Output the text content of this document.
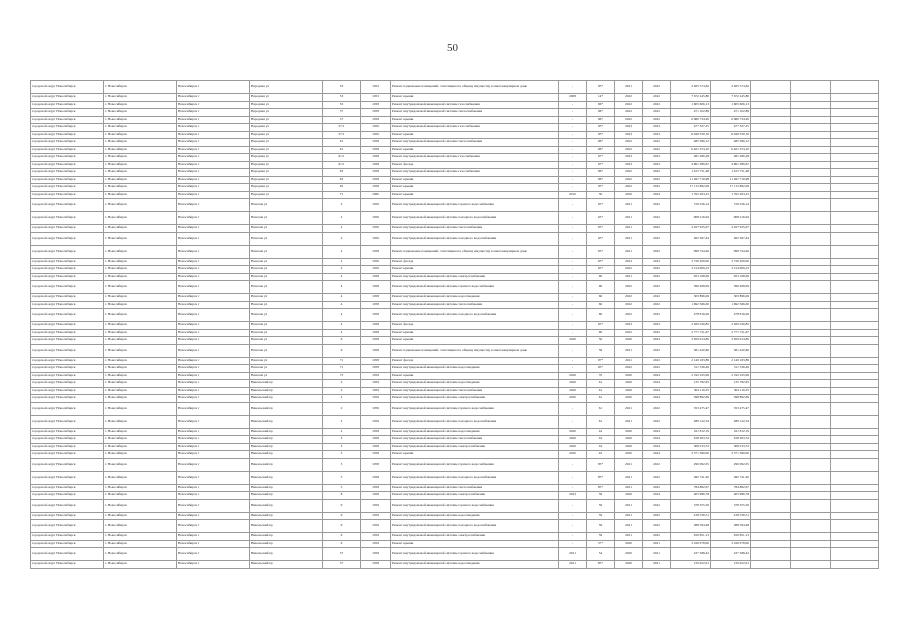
50
городской округ Новосибирск	г. Новосибирск	Новосибирск г	Народная ул	33	1952	Ремонт подвальных помещений, относящихся к общему имуществу в многоквартирном доме	-	95*	2021	2022	2 465 574,62	2 465 574,62			
городской округ Новосибирск	г. Новосибирск	Новосибирск г	Народная ул	53	1953	Ремонт крыши	2008	14*	2022	2022	7 672 245,80	7 672 245,80			
городской округ Новосибирск	г. Новосибирск	Новосибирск г	Народная ул	55	1958	Ремонт внутридомовой инженерной системы газоснабжения	-	96*	2022	2022	1 605 606,13	1 605 606,13			
городской округ Новосибирск	г. Новосибирск	Новосибирск г	Народная ул	57	1958	Ремонт внутридомовой инженерной системы теплоснабжения	-	96*	2022	2022	471 102,89	471 102,89			
городской округ Новосибирск	г. Новосибирск	Новосибирск г	Народная ул	57	1958	Ремонт крыши	-	96*	2022	2022	6 680 734,20	6 680 734,20			
городской округ Новосибирск	г. Новосибирск	Новосибирск г	Народная ул	57/1	1956	Ремонт внутридомовой инженерной системы газоснабжения	-	95*	2023	2023	477 327,25	477 327,25			
городской округ Новосибирск	г. Новосибирск	Новосибирск г	Народная ул	57/1	1956	Ремонт крыши	-	95*	2023	2023	6 649 550,16	6 649 550,16			
городской округ Новосибирск	г. Новосибирск	Новосибирск г	Народная ул	61	1958	Ремонт внутридомовой инженерной системы теплоснабжения	-	96*	2022	2022	485 366,12	485 366,12			
городской округ Новосибирск	г. Новосибирск	Новосибирск г	Народная ул	61	1958	Ремонт крыши	-	96*	2022	2022	6 621 374,10	6 621 374,10			
городской округ Новосибирск	г. Новосибирск	Новосибирск г	Народная ул	61/1	1958	Ремонт внутридомовой инженерной системы газоснабжения	-	97*	2023	2023	481 280,28	481 280,28			
городской округ Новосибирск	г. Новосибирск	Новосибирск г	Народная ул	61/1	1958	Ремонт фасада	-	97*	2023	2023	4 861 389,67	4 861 389,67			
городской округ Новосибирск	г. Новосибирск	Новосибирск г	Народная ул	63	1958	Ремонт внутридомовой инженерной системы газоснабжения	-	96*	2022	2022	1 615 751,48	1 615 751,48			
городской округ Новосибирск	г. Новосибирск	Новосибирск г	Народная ул	63	1958	Ремонт крыши	-	96*	2022	2022	11 497 710,98	11 497 710,98			
городской округ Новосибирск	г. Новосибирск	Новосибирск г	Народная ул	65	1958	Ремонт крыши	-	95*	2022	2022	17 115 862,99	17 115 862,99			
городской округ Новосибирск	г. Новосибирск	Новосибирск г	Народная ул	71	1960	Ремонт крыши	2010	50	2020	2024	1 762 263,23	1 762 263,23			
городской округ Новосибирск	г. Новосибирск	Новосибирск г	Нансена ул	2	1956	Ремонт внутридомовой инженерной системы горячего водоснабжения	-	65*	2021	2022	729 526,14	729 526,14			
городской округ Новосибирск	г. Новосибирск	Новосибирск г	Нансена ул	2	1956	Ремонт внутридомовой инженерной системы холодного водоснабжения	-	65*	2021	2022	908 216,94	908 216,94			
городской округ Новосибирск	г. Новосибирск	Новосибирск г	Нансена ул	2	1956	Ремонт внутридомовой инженерной системы теплоснабжения	-	65*	2021	2022	2 457 935,07	2 457 935,07			
городской округ Новосибирск	г. Новосибирск	Новосибирск г	Нансена ул	2	1956	Ремонт внутридомовой инженерной системы холодного водоснабжения	-	65*	2021	2022	262 367,44	262 367,44			
городской округ Новосибирск	г. Новосибирск	Новосибирск г	Нансена ул	2	1958	Ремонт подвальных помещений, относящихся к общему имуществу в многоквартирном доме	-	65*	2021	2022	999 744,46	999 744,46			
городской округ Новосибирск	г. Новосибирск	Новосибирск г	Нансена ул	2	1956	Ремонт фасада	-	65*	2023	2023	2 726 209,00	2 726 209,00			
городской округ Новосибирск	г. Новосибирск	Новосибирск г	Нансена ул	2	1956	Ремонт крыши	-	65*	2022	2022	3 214 909,23	3 214 909,23			
городской округ Новосибирск	г. Новосибирск	Новосибирск г	Нансена ул	4	1958	Ремонт внутридомовой инженерной системы электроснабжения	-	60	2021	2022	953 168,06	953 168,06			
городской округ Новосибирск	г. Новосибирск	Новосибирск г	Нансена ул	4	1958	Ремонт внутридомовой инженерной системы горячего водоснабжения	-	60	2022	2022	399 208,09	399 208,09			
городской округ Новосибирск	г. Новосибирск	Новосибирск г	Нансена ул	4	1958	Ремонт внутридомовой инженерной системы водоотведения	-	60	2022	2022	503 896,06	503 896,06			
городской округ Новосибирск	г. Новосибирск	Новосибирск г	Нансена ул	4	1958	Ремонт внутридомовой инженерной системы теплоснабжения	-	60	2022	2022	1 692 566,00	1 692 566,00			
городской округ Новосибирск	г. Новосибирск	Новосибирск г	Нансена ул	4	1958	Ремонт внутридомовой инженерной системы холодного водоснабжения	-	60	2022	2022	278 816,09	278 816,09			
городской округ Новосибирск	г. Новосибирск	Новосибирск г	Нансена ул	4	1958	Ремонт фасада	-	65*	2023	2023	2 620 549,85	2 620 549,85			
городской округ Новосибирск	г. Новосибирск	Новосибирск г	Нансена ул	4	1958	Ремонт крыши	-	60	2022	2022	2 771 721,07	2 771 721,07			
городской округ Новосибирск	г. Новосибирск	Новосибирск г	Нансена ул	6	1958	Ремонт крыши	2020	50	2020	2024	2 650 914,85	2 650 914,85			
городской округ Новосибирск	г. Новосибирск	Новосибирск г	Нансена ул	6	1958	Ремонт подвальных помещений, относящихся к общему имуществу в многоквартирном доме	-	59	2021	2022	561 420,60	561 420,60			
городской округ Новосибирск	г. Новосибирск	Новосибирск г	Нансена ул	71	1958	Ремонт фасада	-	97*	2021	2022	2 149 163,89	2 149 163,89			
городской округ Новосибирск	г. Новосибирск	Новосибирск г	Нансена ул	71	1958	Ремонт внутридомовой инженерной системы водоотведения	-	95*	2022	2022	311 536,49	311 536,49			
городской округ Новосибирск	г. Новосибирск	Новосибирск г	Нансена ул	73	1959	Ремонт крыши	2026	70	2020	2024	2 192 245,99	2 192 245,99			
городской округ Новосибирск	г. Новосибирск	Новосибирск г	Никольский пр	2	1959	Ремонт внутридомовой инженерной системы водоотведения	2020	61	2020	2024	135 782,95	135 782,95			
городской округ Новосибирск	г. Новосибирск	Новосибирск г	Никольский пр	2	1959	Ремонт внутридомовой инженерной системы теплоснабжения	2020	61	2020	2024	304 116,25	304 116,25			
городской округ Новосибирск	г. Новосибирск	Новосибирск г	Никольский пр	2	1959	Ремонт внутридомовой инженерной системы электроснабжения	2020	61	2020	2024	398 892,69	398 892,69			
городской округ Новосибирск	г. Новосибирск	Новосибирск г	Никольский пр	2	1959	Ремонт внутридомовой инженерной системы горячего водоснабжения	-	61	2021	2022	353 475,47	353 475,47			
городской округ Новосибирск	г. Новосибирск	Новосибирск г	Никольский пр	2	1959	Ремонт внутридомовой инженерной системы холодного водоснабжения	-	61	2021	2022	289 122,34	289 122,34			
городской округ Новосибирск	г. Новосибирск	Новосибирск г	Никольский пр	2	1958	Ремонт внутридомовой инженерной системы водоотведения	2020	42	2020	2024	161 812,19	161 812,19			
городской округ Новосибирск	г. Новосибирск	Новосибирск г	Никольский пр	3	1958	Ремонт внутридомовой инженерной системы теплоснабжения	2020	42	2020	2024	618 203,34	618 203,34			
городской округ Новосибирск	г. Новосибирск	Новосибирск г	Никольский пр	3	1958	Ремонт внутридомовой инженерной системы электроснабжения	2020	42	2020	2024	308 233,33	308 233,33			
городской округ Новосибирск	г. Новосибирск	Новосибирск г	Никольский пр	3	1958	Ремонт крыши	2020	42	2020	2024	2 571 369,00	2 571 369,00			
городской округ Новосибирск	г. Новосибирск	Новосибирск г	Никольский пр	3	1958	Ремонт внутридомовой инженерной системы горячего водоснабжения	-	85*	2021	2022	290 092,05	290 092,05			
городской округ Новосибирск	г. Новосибирск	Новосибирск г	Никольский пр	5	1958	Ремонт внутридомовой инженерной системы холодного водоснабжения	-	85*	2021	2022	582 741,40	582 741,40			
городской округ Новосибирск	г. Новосибирск	Новосибирск г	Никольский пр	5	1958	Ремонт внутридомовой инженерной системы теплоснабжения	-	85*	2021	2022	784 862,07	784 862,07			
городской округ Новосибирск	г. Новосибирск	Новосибирск г	Никольский пр	8	1958	Ремонт внутридомовой инженерной системы электроснабжения	2023	59	2020	2024	405 986,78	405 986,78			
городской округ Новосибирск	г. Новосибирск	Новосибирск г	Никольский пр	9	1959	Ремонт внутридомовой инженерной системы горячего водоснабжения	-	59	2021	2022	378 355,59	378 355,59			
городской округ Новосибирск	г. Новосибирск	Новосибирск г	Никольский пр	9	1959	Ремонт внутридомовой инженерной системы водоотведения	-	59	2021	2022	418 536,51	418 536,51			
городской округ Новосибирск	г. Новосибирск	Новосибирск г	Никольский пр	9	1959	Ремонт внутридомовой инженерной системы холодного водоснабжения	-	59	2021	2022	388 594,48	388 594,48			
городской округ Новосибирск	г. Новосибирск	Новосибирск г	Никольский пр	9	1959	Ремонт внутридомовой инженерной системы электроснабжения	-	59	2021	2022	456 851,13	456 851,13			
городской округ Новосибирск	г. Новосибирск	Новосибирск г	Никольский пр	9	1959	Ремонт крыши	-	57*	2020	2021	3 166 078,00	3 166 078,00			
городской округ Новосибирск	г. Новосибирск	Новосибирск г	Никольский пр	37	1958	Ремонт внутридомовой инженерной системы горячего водоснабжения	2021	54	2020	2021	437 368,42	437 368,42			
городской округ Новосибирск	г. Новосибирск	Новосибирск г	Никольский пр	37	1958	Ремонт внутридомовой инженерной системы водоотведения	2021	85*	2020	2021	150 922,91	150 922,91			
